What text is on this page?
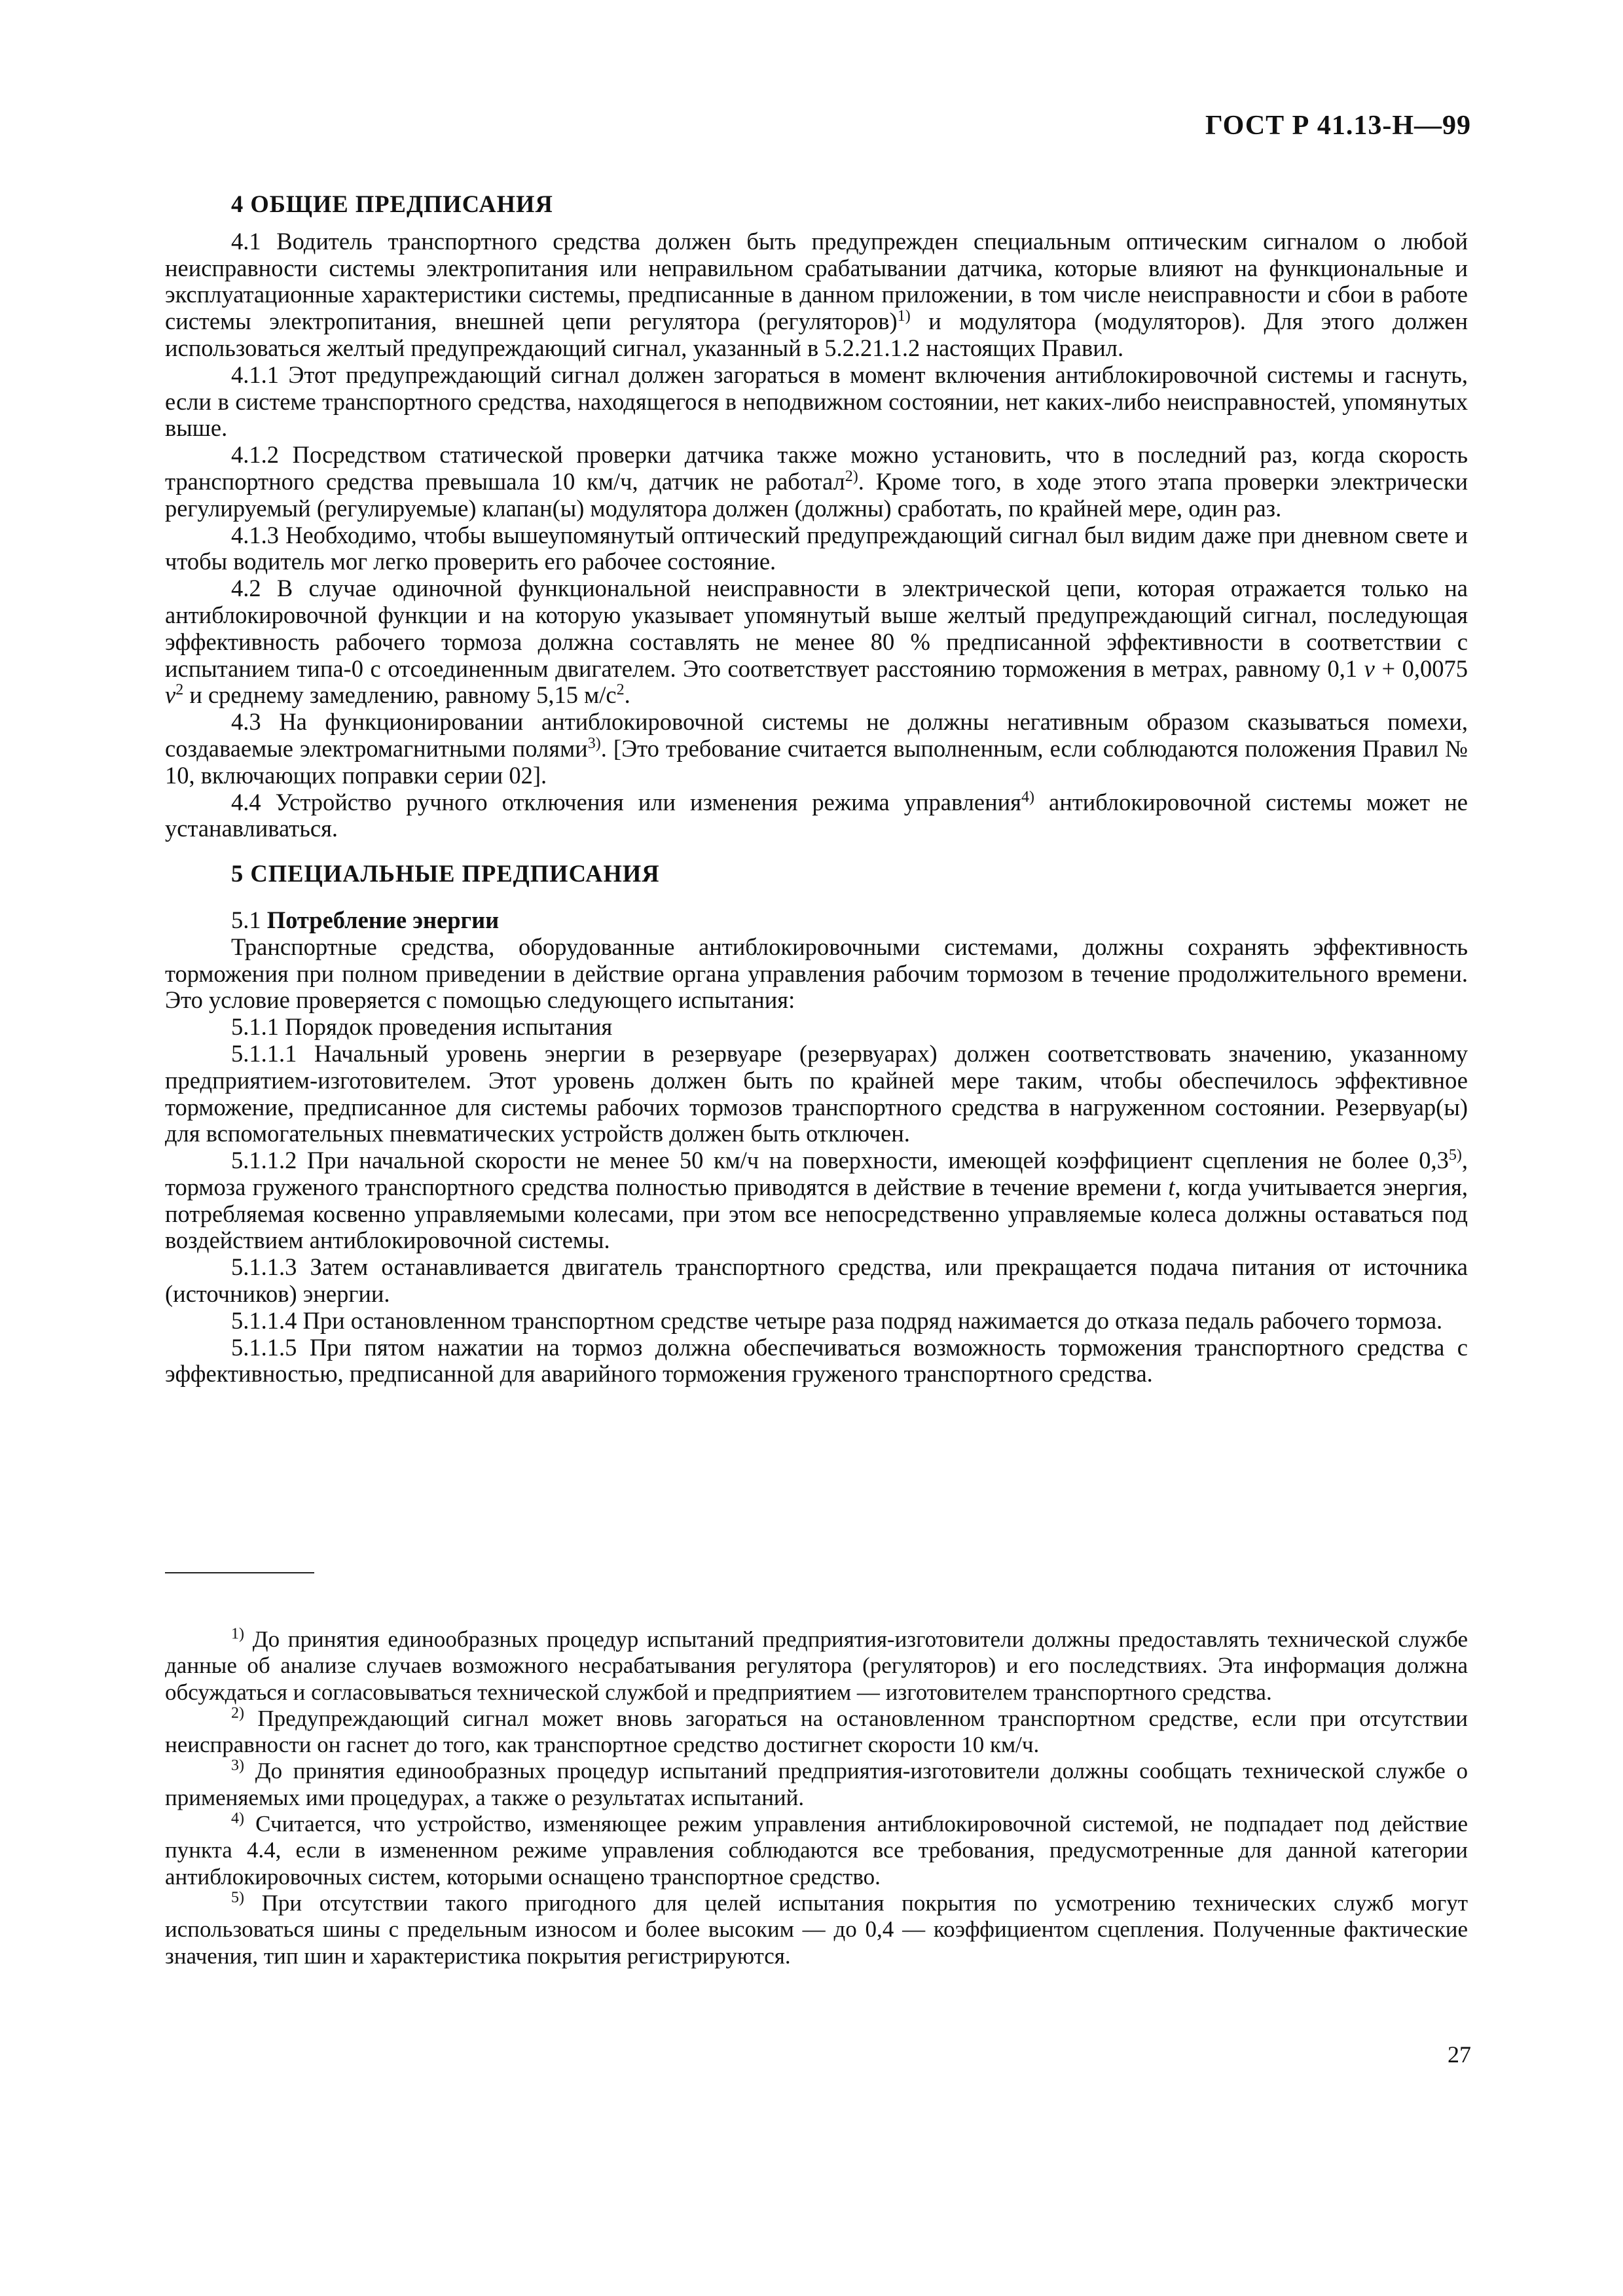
ГОСТ Р 41.13-Н—99
4 ОБЩИЕ ПРЕДПИСАНИЯ

4.1 Водитель транспортного средства должен быть предупрежден специальным оптическим сигналом о любой неисправности системы электропитания или неправильном срабатывании датчика, которые влияют на функциональные и эксплуатационные характеристики системы, предписанные в данном приложении, в том числе неисправности и сбои в работе системы электропитания, внешней цепи регулятора (регуляторов)$^{1)}$ и модулятора (модуляторов). Для этого должен использоваться желтый предупреждающий сигнал, указанный в 5.2.21.1.2 настоящих Правил.

4.1.1 Этот предупреждающий сигнал должен загораться в момент включения антиблокировочной системы и гаснуть, если в системе транспортного средства, находящегося в неподвижном состоянии, нет каких-либо неисправностей, упомянутых выше.

4.1.2 Посредством статической проверки датчика также можно установить, что в последний раз, когда скорость транспортного средства превышала 10 км/ч, датчик не работал$^{2)}$. Кроме того, в ходе этого этапа проверки электрически регулируемый (регулируемые) клапан(ы) модулятора должен (должны) сработать, по крайней мере, один раз.

4.1.3 Необходимо, чтобы вышеупомянутый оптический предупреждающий сигнал был видим даже при дневном свете и чтобы водитель мог легко проверить его рабочее состояние.

4.2 В случае одиночной функциональной неисправности в электрической цепи, которая отражается только на антиблокировочной функции и на которую указывает упомянутый выше желтый предупреждающий сигнал, последующая эффективность рабочего тормоза должна составлять не менее 80 % предписанной эффективности в соответствии с испытанием типа-0 с отсоединенным двигателем. Это соответствует расстоянию торможения в метрах, равному 0,1 v + 0,0075 $v^2$ и среднему замедлению, равному 5,15 $м/с^2$.

4.3 На функционировании антиблокировочной системы не должны негативным образом сказываться помехи, создаваемые электромагнитными полями$^{3)}$. [Это требование считается выполненным, если соблюдаются положения Правил № 10, включающих поправки серии 02].

4.4 Устройство ручного отключения или изменения режима управления$^{4)}$ антиблокировочной системы может не устанавливаться.

5 СПЕЦИАЛЬНЫЕ ПРЕДПИСАНИЯ

5.1 Потребление энергии

Транспортные средства, оборудованные антиблокировочными системами, должны сохранять эффективность торможения при полном приведении в действие органа управления рабочим тормозом в течение продолжительного времени. Это условие проверяется с помощью следующего испытания:

5.1.1 Порядок проведения испытания

5.1.1.1 Начальный уровень энергии в резервуаре (резервуарах) должен соответствовать значению, указанному предприятием-изготовителем. Этот уровень должен быть по крайней мере таким, чтобы обеспечилось эффективное торможение, предписанное для системы рабочих тормозов транспортного средства в нагруженном состоянии. Резервуар(ы) для вспомогательных пневматических устройств должен быть отключен.

5.1.1.2 При начальной скорости не менее 50 км/ч на поверхности, имеющей коэффициент сцепления не более 0,3$^{5)}$, тормоза груженого транспортного средства полностью приводятся в действие в течение времени t, когда учитывается энергия, потребляемая косвенно управляемыми колесами, при этом все непосредственно управляемые колеса должны оставаться под воздействием антиблокировочной системы.

5.1.1.3 Затем останавливается двигатель транспортного средства, или прекращается подача питания от источника (источников) энергии.

5.1.1.4 При остановленном транспортном средстве четыре раза подряд нажимается до отказа педаль рабочего тормоза.

5.1.1.5 При пятом нажатии на тормоз должна обеспечиваться возможность торможения транспортного средства с эффективностью, предписанной для аварийного торможения груженого транспортного средства.

$^{1)}$ До принятия единообразных процедур испытаний предприятия-изготовители должны предоставлять технической службе данные об анализе случаев возможного несрабатывания регулятора (регуляторов) и его последствиях. Эта информация должна обсуждаться и согласовываться технической службой и предприятием — изготовителем транспортного средства.

$^{2)}$ Предупреждающий сигнал может вновь загораться на остановленном транспортном средстве, если при отсутствии неисправности он гаснет до того, как транспортное средство достигнет скорости 10 км/ч.

$^{3)}$ До принятия единообразных процедур испытаний предприятия-изготовители должны сообщать технической службе о применяемых ими процедурах, а также о результатах испытаний.

$^{4)}$ Считается, что устройство, изменяющее режим управления антиблокировочной системой, не подпадает под действие пункта 4.4, если в измененном режиме управления соблюдаются все требования, предусмотренные для данной категории антиблокировочных систем, которыми оснащено транспортное средство.

$^{5)}$ При отсутствии такого пригодного для целей испытания покрытия по усмотрению технических служб могут использоваться шины с предельным износом и более высоким — до 0,4 — коэффициентом сцепления. Полученные фактические значения, тип шин и характеристика покрытия регистрируются.

27
